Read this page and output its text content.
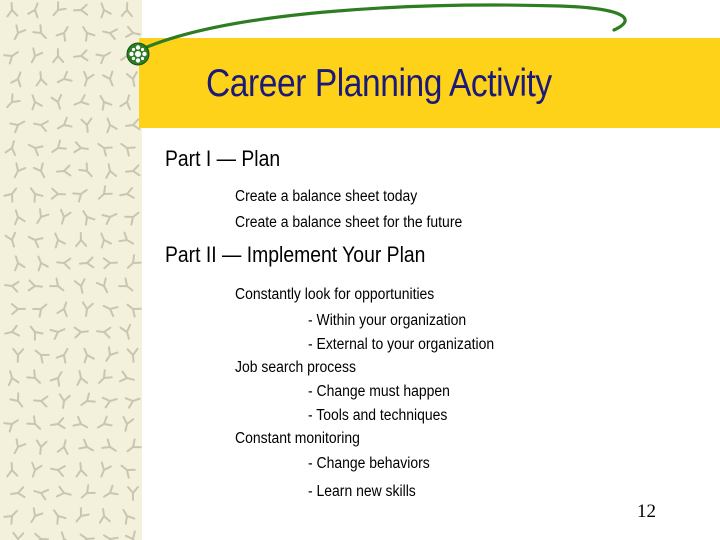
Career Planning Activity
Part I — Plan
Create a balance sheet today
Create a balance sheet for the future
Part II — Implement Your Plan
Constantly look for opportunities
- Within your organization
- External to your organization
Job search process
- Change must happen
- Tools and techniques
Constant monitoring
- Change behaviors
- Learn new skills
12
